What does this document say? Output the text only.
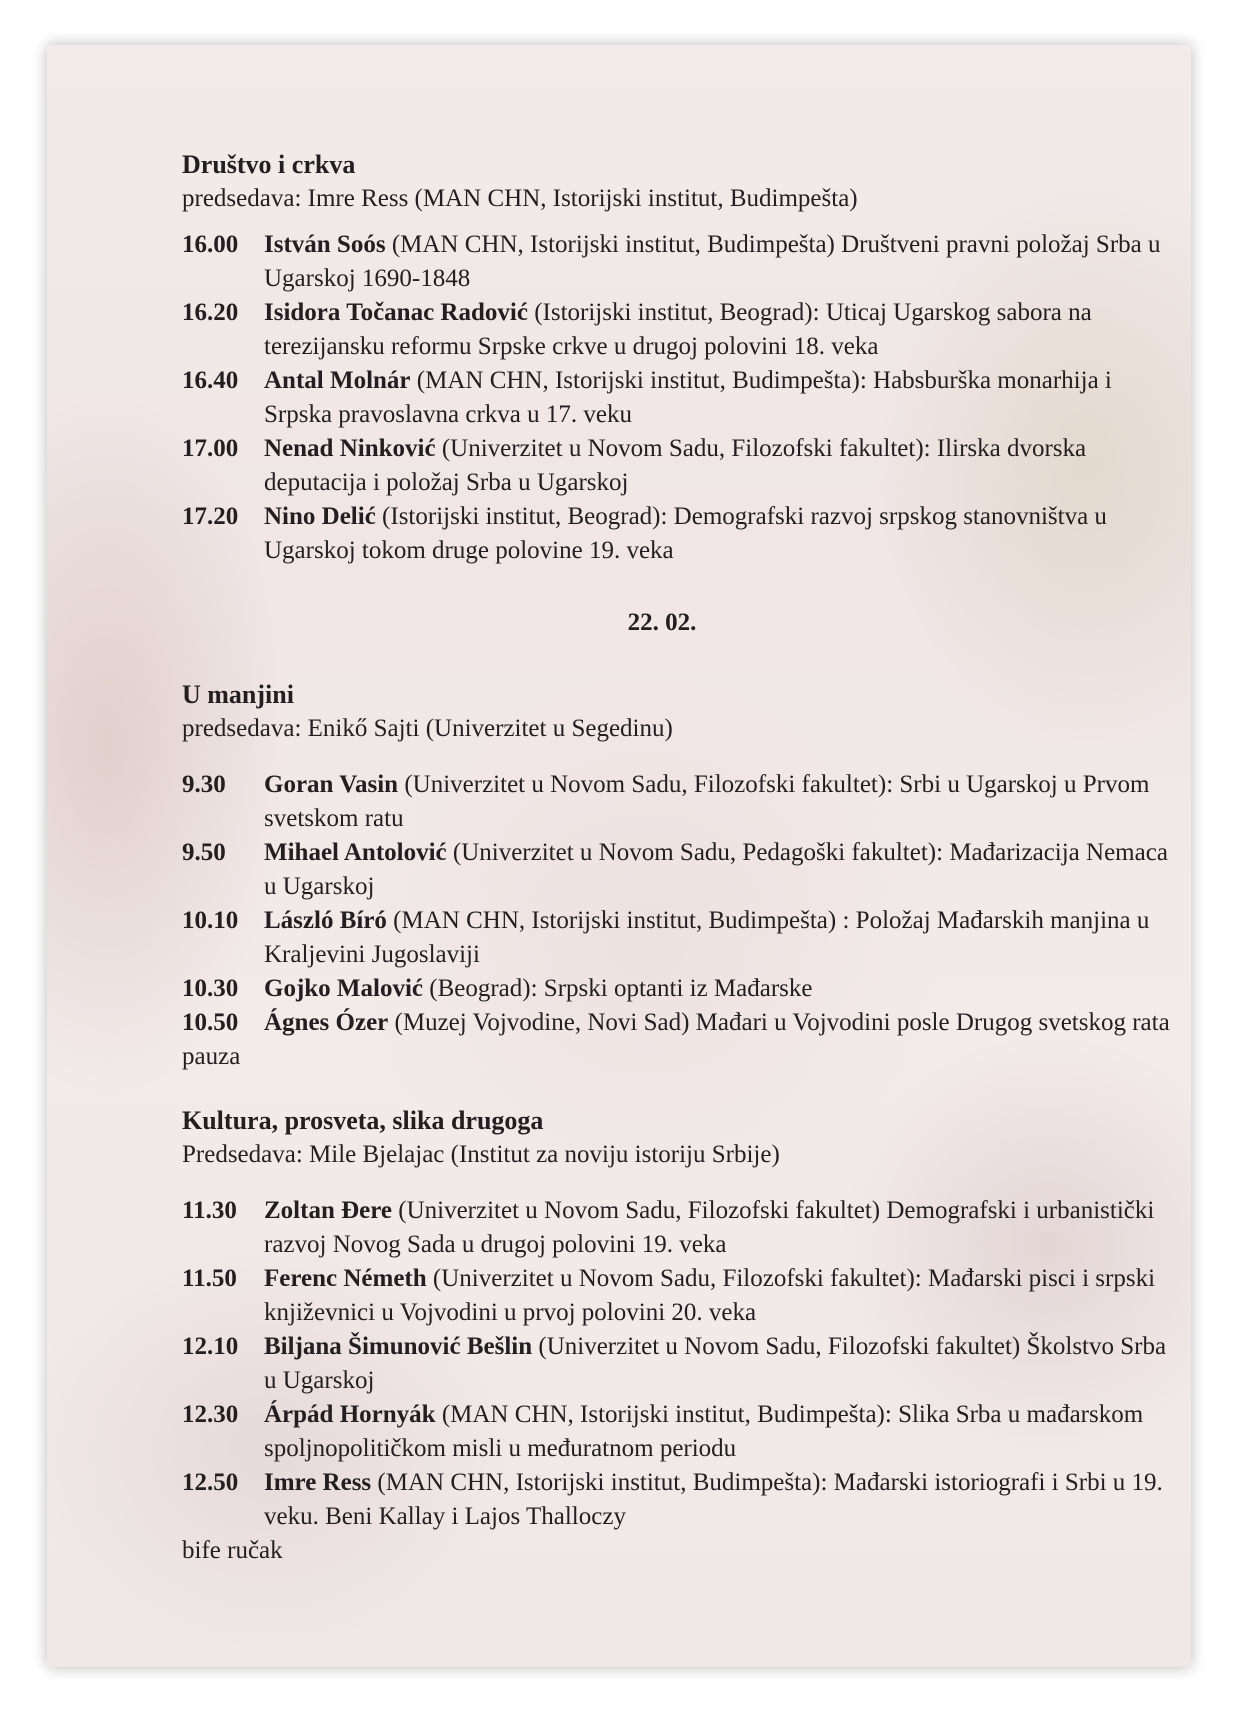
Društvo i crkva
predsedava: Imre Ress (MAN CHN, Istorijski institut, Budimpešta)
16.00	István Soós (MAN CHN, Istorijski institut, Budimpešta) Društveni pravni položaj Srba u Ugarskoj 1690-1848
16.20	Isidora Točanac Radović (Istorijski institut, Beograd): Uticaj Ugarskog sabora na terezijansku reformu Srpske crkve u drugoj polovini 18. veka
16.40	Antal Molnár (MAN CHN, Istorijski institut, Budimpešta): Habsburška monarhija i Srpska pravoslavna crkva u 17. veku
17.00	Nenad Ninković (Univerzitet u Novom Sadu, Filozofski fakultet): Ilirska dvorska deputacija i položaj Srba u Ugarskoj
17.20	Nino Delić (Istorijski institut, Beograd): Demografski razvoj srpskog stanovništva u Ugarskoj tokom druge polovine 19. veka
22. 02.
U manjini
predsedava: Enikő Sajti (Univerzitet u Segedinu)
9.30	Goran Vasin (Univerzitet u Novom Sadu, Filozofski fakultet): Srbi u Ugarskoj u Prvom svetskom ratu
9.50	Mihael Antolović (Univerzitet u Novom Sadu, Pedagoški fakultet): Mađarizacija Nemaca u Ugarskoj
10.10	László Bíró (MAN CHN, Istorijski institut, Budimpešta) : Položaj Mađarskih manjina u Kraljevini Jugoslaviji
10.30	Gojko Malović (Beograd): Srpski optanti iz Mađarske
10.50	Ágnes Ózer (Muzej Vojvodine, Novi Sad) Mađari u Vojvodini posle Drugog svetskog rata
pauza
Kultura, prosveta, slika drugoga
Predsedava: Mile Bjelajac (Institut za noviju istoriju Srbije)
11.30	Zoltan Đere (Univerzitet u Novom Sadu, Filozofski fakultet) Demografski i urbanistički razvoj Novog Sada u drugoj polovini 19. veka
11.50	Ferenc Németh (Univerzitet u Novom Sadu, Filozofski fakultet): Mađarski pisci i srpski književnici u Vojvodini u prvoj polovini 20. veka
12.10	Biljana Šimunović Bešlin (Univerzitet u Novom Sadu, Filozofski fakultet) Školstvo Srba u Ugarskoj
12.30	Árpád Hornyák (MAN CHN, Istorijski institut, Budimpešta): Slika Srba u mađarskom spoljnopolitičkom misli u međuratnom periodu
12.50	Imre Ress (MAN CHN, Istorijski institut, Budimpešta): Mađarski istoriografi i Srbi u 19. veku. Beni Kallay i Lajos Thalloczy
bife ručak
